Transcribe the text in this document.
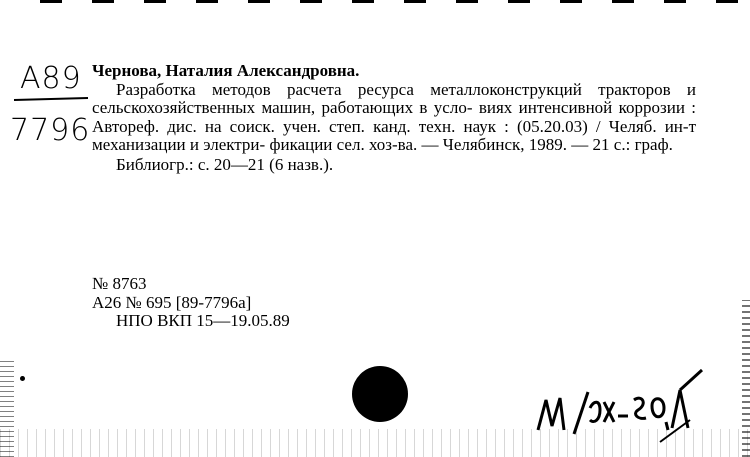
A89
7796
Чернова, Наталия Александровна.
Разработка методов расчета ресурса металлоконструкций тракторов и сельскохозяйственных машин, работающих в усло- виях интенсивной коррозии : Автореф. дис. на соиск. учен. степ. канд. техн. наук : (05.20.03) / Челяб. ин-т механизации и электри- фикации сел. хоз-ва. — Челябинск, 1989. — 21 с.: граф.
Библиогр.: с. 20—21 (6 назв.).
№ 8763
А26 № 695 [89-7796а]
НПО ВКП 15—19.05.89
